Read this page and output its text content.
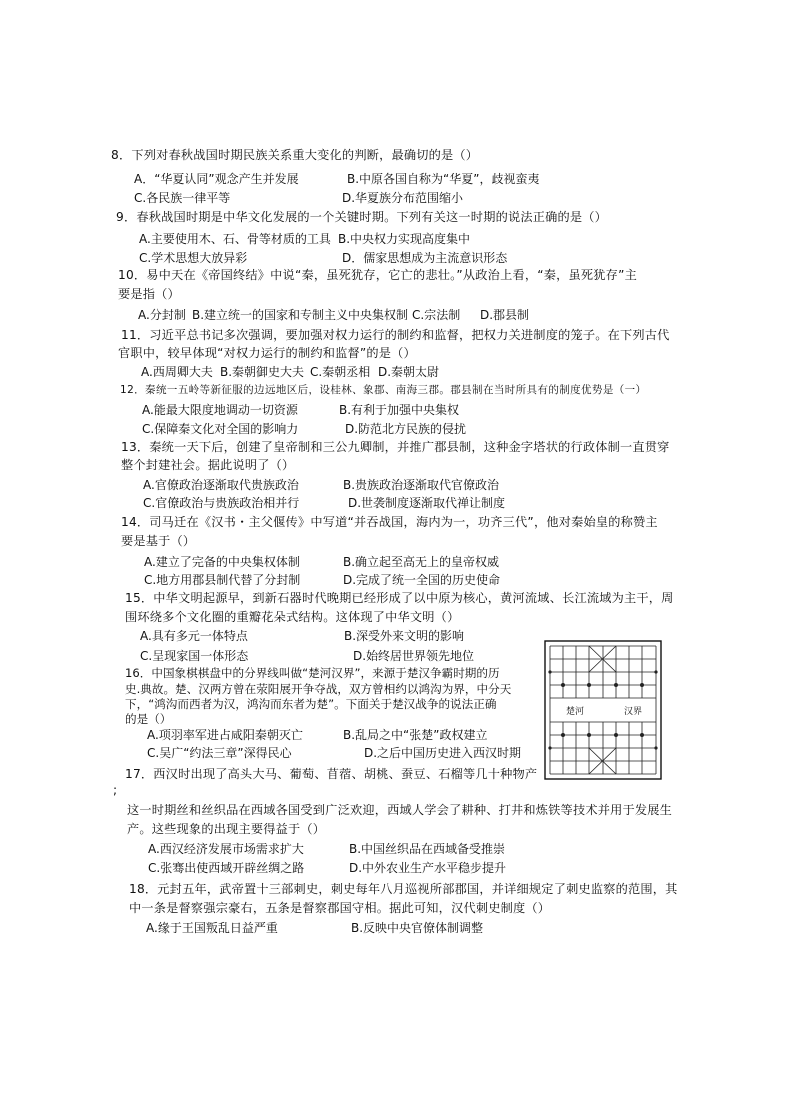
8．下列对春秋战国时期民族关系重大变化的判断，最确切的是（）
A．“华夏认同”观念产生并发展	B.中原各国自称为“华夏”，歧视蛮夷
C.各民族一律平等	D.华夏族分布范围缩小
9．春秋战国时期是中华文化发展的一个关键时期。下列有关这一时期的说法正确的是（）
A.主要使用木、石、骨等材质的工具 B.中央权力实现高度集中
C.学术思想大放异彩	D．儒家思想成为主流意识形态
10．易中天在《帝国终结》中说“秦，虽死犹存，它亡的悲壮。”从政治上看，“秦，虽死犹存”主
要是指（）
A.分封制 B.建立统一的国家和专制主义中央集权制 C.宗法制 D.郡县制
11．习近平总书记多次强调，要加强对权力运行的制约和监督，把权力关进制度的笼子。在下列古代
官职中，较早体现“对权力运行的制约和监督”的是（）
A.西周卿大夫 B.秦朝御史大夫 C.秦朝丞相 D.秦朝太尉
12．秦统一五岭等新征服的边远地区后，设桂林、象郡、南海三郡。郡县制在当时所具有的制度优势是（一）
A.能最大限度地调动一切资源	B.有利于加强中央集权
C.保障秦文化对全国的影响力	D.防范北方民族的侵扰
13．秦统一天下后，创建了皇帝制和三公九卿制，并推广郡县制，这种金字塔状的行政体制一直贯穿
整个封建社会。据此说明了（）
A.官僚政治逐渐取代贵族政治	B.贵族政治逐渐取代官僚政治
C.官僚政治与贵族政治相并行	D.世袭制度逐渐取代禅让制度
14．司马迁在《汉书・主父偃传》中写道“并吞战国，海内为一，功齐三代”，他对秦始皇的称赞主
要是基于（）
A.建立了完备的中央集权体制	B.确立起至高无上的皇帝权威
C.地方用郡县制代替了分封制	D.完成了统一全国的历史使命
15．中华文明起源早，到新石器时代晚期已经形成了以中原为核心，黄河流域、长江流域为主干，周
围环绕多个文化圈的重瓣花朵式结构。这体现了中华文明（）
A.具有多元一体特点	B.深受外来文明的影响
C.呈现家国一体形态	D.始终居世界领先地位
16．中国象棋棋盘中的分界线叫做“楚河汉界”，来源于楚汉争霸时期的历
史.典故。楚、汉两方曾在荥阳展开争夺战，双方曾相约以鸿沟为界，中分天
下，“鸿沟而西者为汉，鸿沟而东者为楚”。下面关于楚汉战争的说法正确
的是（）
A.项羽率军进占咸阳秦朝灭亡	B.乱局之中“张楚”政权建立
C.吴广“约法三章”深得民心	D.之后中国历史进入西汉时期
楚河	汉界
17．西汉时出现了高头大马、葡萄、苜蓿、胡桃、蚕豆、石榴等几十种物产
;
这一时期丝和丝织品在西域各国受到广泛欢迎，西域人学会了耕种、打井和炼铁等技术并用于发展生
产。这些现象的出现主要得益于（）
A.西汉经济发展市场需求扩大	B.中国丝织品在西域备受推崇
C.张骞出使西域开辟丝绸之路	D.中外农业生产水平稳步提升
18．元封五年，武帝置十三部刺史，刺史每年八月巡视所部郡国，并详细规定了刺史监察的范围，其
中一条是督察强宗豪右，五条是督察郡国守相。据此可知，汉代刺史制度（）
A.缘于王国叛乱日益严重	B.反映中央官僚体制调整
